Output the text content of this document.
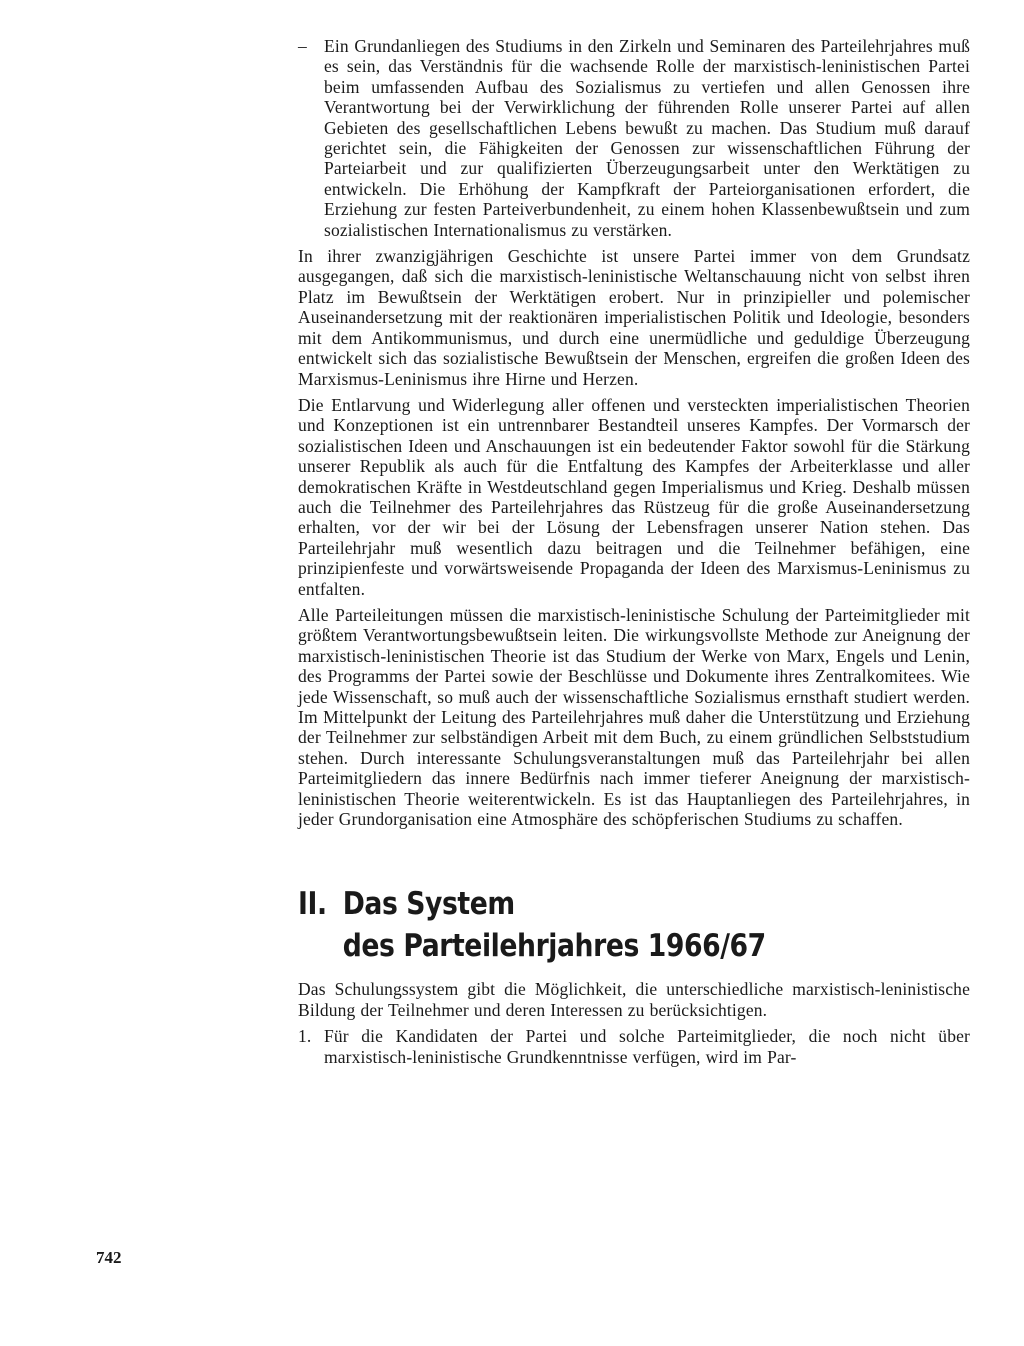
– Ein Grundanliegen des Studiums in den Zirkeln und Seminaren des Parteilehrjahres muß es sein, das Verständnis für die wachsende Rolle der marxistisch-leninistischen Partei beim umfassenden Aufbau des Sozialismus zu vertiefen und allen Genossen ihre Verantwortung bei der Verwirklichung der führenden Rolle unserer Partei auf allen Gebieten des gesellschaftlichen Lebens bewußt zu machen. Das Studium muß darauf gerichtet sein, die Fähigkeiten der Genossen zur wissenschaftlichen Führung der Parteiarbeit und zur qualifizierten Überzeugungsarbeit unter den Werktätigen zu entwickeln. Die Erhöhung der Kampfkraft der Parteiorganisationen erfordert, die Erziehung zur festen Parteiverbundenheit, zu einem hohen Klassenbewußtsein und zum sozialistischen Internationalismus zu verstärken.

In ihrer zwanzigjährigen Geschichte ist unsere Partei immer von dem Grundsatz ausgegangen, daß sich die marxistisch-leninistische Weltanschauung nicht von selbst ihren Platz im Bewußtsein der Werktätigen erobert. Nur in prinzipieller und polemischer Auseinandersetzung mit der reaktionären imperialistischen Politik und Ideologie, besonders mit dem Antikommunismus, und durch eine unermüdliche und geduldige Überzeugung entwickelt sich das sozialistische Bewußtsein der Menschen, ergreifen die großen Ideen des Marxismus-Leninismus ihre Hirne und Herzen.

Die Entlarvung und Widerlegung aller offenen und versteckten imperialistischen Theorien und Konzeptionen ist ein untrennbarer Bestandteil unseres Kampfes. Der Vormarsch der sozialistischen Ideen und Anschauungen ist ein bedeutender Faktor sowohl für die Stärkung unserer Republik als auch für die Entfaltung des Kampfes der Arbeiterklasse und aller demokratischen Kräfte in Westdeutschland gegen Imperialismus und Krieg. Deshalb müssen auch die Teilnehmer des Parteilehrjahres das Rüstzeug für die große Auseinandersetzung erhalten, vor der wir bei der Lösung der Lebensfragen unserer Nation stehen. Das Parteilehrjahr muß wesentlich dazu beitragen und die Teilnehmer befähigen, eine prinzipienfeste und vorwärtsweisende Propaganda der Ideen des Marxismus-Leninismus zu entfalten.

Alle Parteileitungen müssen die marxistisch-leninistische Schulung der Parteimitglieder mit größtem Verantwortungsbewußtsein leiten. Die wirkungsvollste Methode zur Aneignung der marxistisch-leninistischen Theorie ist das Studium der Werke von Marx, Engels und Lenin, des Programms der Partei sowie der Beschlüsse und Dokumente ihres Zentralkomitees. Wie jede Wissenschaft, so muß auch der wissenschaftliche Sozialismus ernsthaft studiert werden. Im Mittelpunkt der Leitung des Parteilehrjahres muß daher die Unterstützung und Erziehung der Teilnehmer zur selbständigen Arbeit mit dem Buch, zu einem gründlichen Selbststudium stehen. Durch interessante Schulungsveranstaltungen muß das Parteilehrjahr bei allen Parteimitgliedern das innere Bedürfnis nach immer tieferer Aneignung der marxistisch-leninistischen Theorie weiterentwickeln. Es ist das Hauptanliegen des Parteilehrjahres, in jeder Grundorganisation eine Atmosphäre des schöpferischen Studiums zu schaffen.

II. Das System
des Parteilehrjahres 1966/67

Das Schulungssystem gibt die Möglichkeit, die unterschiedliche marxistisch-leninistische Bildung der Teilnehmer und deren Interessen zu berücksichtigen.

1. Für die Kandidaten der Partei und solche Parteimitglieder, die noch nicht über marxistisch-leninistische Grundkenntnisse verfügen, wird im Par-
742
